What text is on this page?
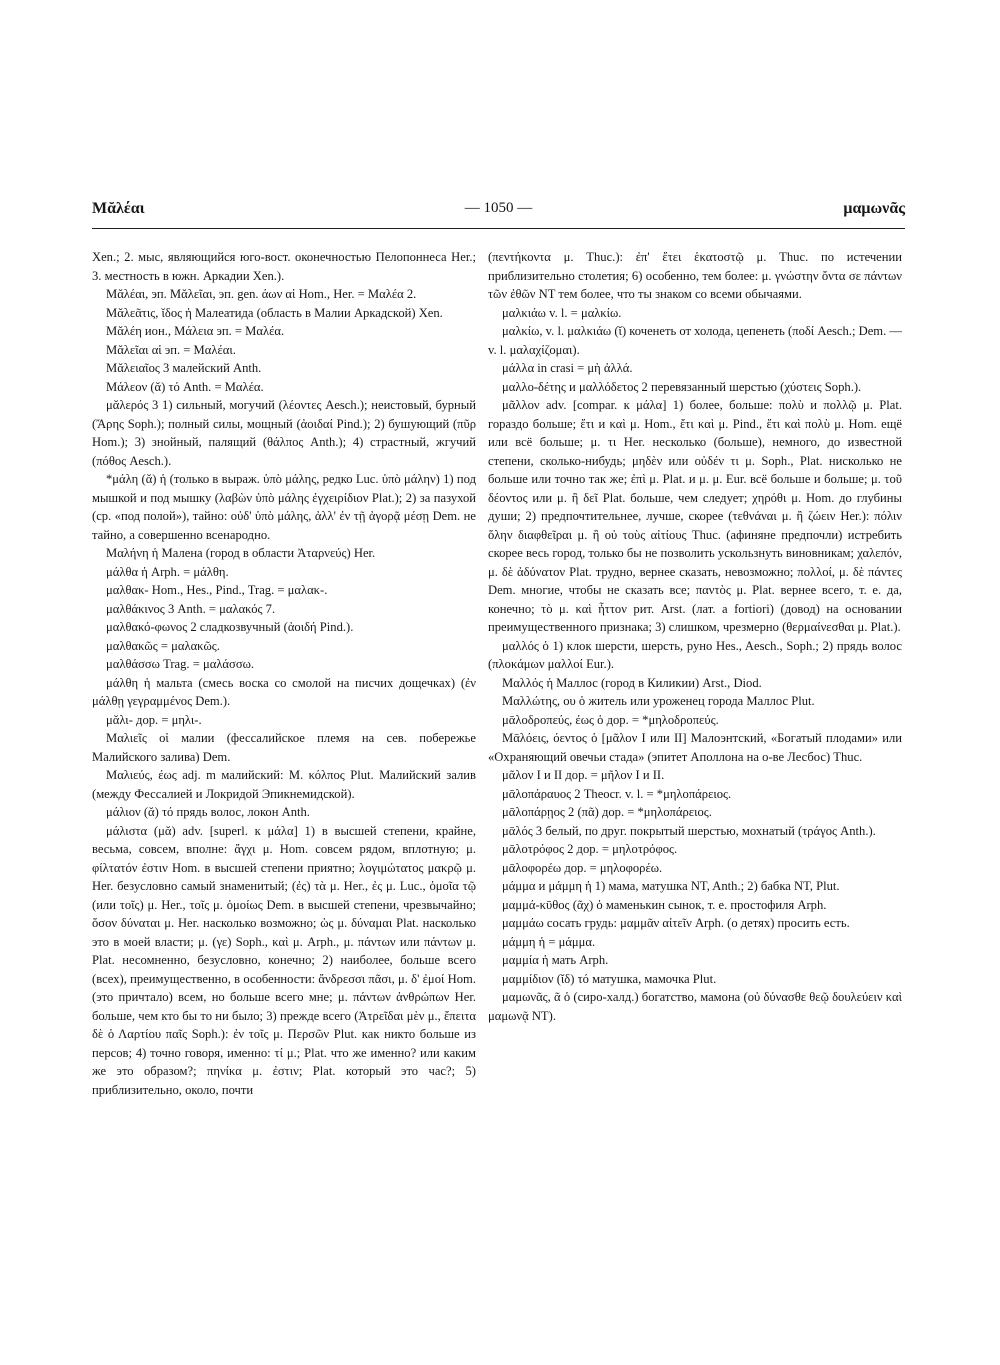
Μᾰλέαι	— 1050 —	μαμωνᾶς

Xen.; 2. мыс, являющийся юго-вост. оконечностью Пелопоннеса Her.; 3. местность в южн. Аркадии Xen.).

Μᾰλέαι, эп. Μᾰλεῖαι, эп. gen. άων αἱ Hom., Her. = Μαλέα 2.

Μᾰλεᾶτις, ῐδος ἡ Малеатида (область в Малии Аркадской) Xen.

Μᾰλέη ион., Μάλεια эп. = Μαλέα.

Μᾰλεῖαι αἱ эп. = Μαλέαι.

Μᾰλειαῖος 3 малейский Anth.

Μάλεον (ᾰ) τό Anth. = Μαλέα.

μᾰλερός 3 1) сильный, могучий (λέοντες Aesch.); неистовый, бурный (Ἄρης Soph.); полный силы, мощный (ἀοιδαί Pind.); 2) бушующий (πῦρ Hom.); 3) знойный, палящий (θάλπος Anth.); 4) страстный, жгучий (πόθος Aesch.).

*μάλη (ᾰ) ἡ (только в выраж. ὑπὸ μάλης, редко Luc. ὑπὸ μάλην) 1) под мышкой и под мышку (λαβὼν ὑπὸ μάλης ἐγχειρίδιον Plat.); 2) за пазухой (ср. «под полой»), тайно: οὐδ' ὑπὸ μάλης, ἀλλ' ἐν τῇ ἀγορᾷ μέσῃ Dem. не тайно, а совершенно всенародно.

Μαλήνη ἡ Малена (город в области Ἀταρνεύς) Her.

μάλθα ἡ Arph. = μάλθη.

μαλθακ- Hom., Hes., Pind., Trag. = μαλακ-.

μαλθάκινος 3 Anth. = μαλακός 7.

μαλθακό-φωνος 2 сладкозвучный (ἀοιδή Pind.).

μαλθακῶς = μαλακῶς.

μαλθάσσω Trag. = μαλάσσω.

μάλθη ἡ мальта (смесь воска со смолой на писчих дощечках) (ἐν μάλθῃ γεγραμμένος Dem.).

μᾰλι- дор. = μηλι-.

Μαλιεῖς οἱ малии (фессалийское племя на сев. побережье Малийского залива) Dem.

Μαλιεύς, έως adj. m малийский: Μ. κόλπος Plut. Малийский залив (между Фессалией и Локридой Эпикнемидской).

μάλιον (ᾰ) τό прядь волос, локон Anth.

μάλιστα (μᾰ) adv. [superl. к μάλα] 1) в высшей степени, крайне, весьма, совсем, вполне: ἄγχι μ. Hom. совсем рядом, вплотную; μ. φίλτατόν ἐστιν Hom. в высшей степени приятно; λογιμώτατος μακρῷ μ. Her. безусловно самый знаменитый; (ἐς) τὰ μ. Her., ἐς μ. Luc., ὁμοῖα τῷ (или τοῖς) μ. Her., τοῖς μ. ὁμοίως Dem. в высшей степени, чрезвычайно; ὅσον δύναται μ. Her. насколько возможно; ὡς μ. δύναμαι Plat. насколько это в моей власти; μ. (γε) Soph., καὶ μ. Arph., μ. πάντων или πάντων μ. Plat. несомненно, безусловно, конечно; 2) наиболее, больше всего (всех), преимущественно, в особенности: ἄνδρεσσι πᾶσι, μ. δ' ἐμοί Hom. (это причтало) всем, но больше всего мне; μ. πάντων ἀνθρώπων Her. больше, чем кто бы то ни было; 3) прежде всего (Ἀτρεῖδαι μὲν μ., ἔπειτα δὲ ὁ Λαρτίου παῖς Soph.): ἐν τοῖς μ. Περσῶν Plut. как никто больше из персов; 4) точно говоря, именно: τί μ.; Plat. что же именно? или каким же это образом?; πηνίκα μ. ἐστιν; Plat. который это час?; 5) приблизительно, около, почти

(πεντήκοντα μ. Thuc.): ἐπ' ἔτει ἑκατοστῷ μ. Thuc. по истечении приблизительно столетия; 6) особенно, тем более: μ. γνώστην ὄντα σε πάντων τῶν ἐθῶν NT тем более, что ты знаком со всеми обычаями.

μαλκιάω v. l. = μαλκίω.

μαλκίω, v. l. μαλκιάω (ῐ) коченеть от холода, цепенеть (ποδί Aesch.; Dem. — v. l. μαλαχίζομαι).

μάλλα in crasi = μὴ ἀλλά.

μαλλο-δέτης и μαλλόδετος 2 перевязанный шерстью (χύστεις Soph.).

μᾶλλον adv. [compar. к μάλα] 1) более, больше: πολὺ и πολλῷ μ. Plat. гораздо больше; ἔτι и καὶ μ. Hom., ἔτι καὶ μ. Pind., ἔτι καὶ πολὺ μ. Hom. ещё или всё больше; μ. τι Her. несколько (больше), немного, до известной степени, сколько-нибудь; μηδὲν или οὐδέν τι μ. Soph., Plat. нисколько не больше или точно так же; ἐπὶ μ. Plat. и μ. μ. Eur. всё больше и больше; μ. τοῦ δέοντος или μ. ἢ δεῖ Plat. больше, чем следует; χηρόθι μ. Hom. до глубины души; 2) предпочтительнее, лучше, скорее (τεθνάναι μ. ἢ ζώειν Her.): πόλιν ὅλην διαφθεῖραι μ. ἢ οὐ τοὺς αἰτίους Thuc. (афиняне предпочли) истребить скорее весь город, только бы не позволить ускользнуть виновникам; χαλεπόν, μ. δὲ ἀδύνατον Plat. трудно, вернее сказать, невозможно; πολλοί, μ. δὲ πάντες Dem. многие, чтобы не сказать все; παντὸς μ. Plat. вернее всего, т. е. да, конечно; τὸ μ. καὶ ἧττον рит. Arst. (лат. a fortiori) (довод) на основании преимущественного признака; 3) слишком, чрезмерно (θερμαίνεσθαι μ. Plat.).

μαλλός ὁ 1) клок шерсти, шерсть, руно Hes., Aesch., Soph.; 2) прядь волос (πλοκάμων μαλλοί Eur.).

Μαλλός ἡ Маллос (город в Киликии) Arst., Diod.

Μαλλώτης, ου ὁ житель или уроженец города Маллос Plut.

μᾱλοδροπεύς, έως ὁ дор. = *μηλοδροπεύς.

Μᾱλόεις, όεντος ὁ [μᾶλον I или II] Малоэнтский, «Богатый плодами» или «Охраняющий овечьи стада» (эпитет Аполлона на о-ве Лесбос) Thuc.

μᾶλον I и II дор. = μῆλον I и II.

μᾱλοπάραυος 2 Theocr. v. l. = *μηλοπάρειος.

μᾱλοπάρῃος 2 (πᾶ) дор. = *μηλοπάρειος.

μᾱλός 3 белый, по друг. покрытый шерстью, мохнатый (τράγος Anth.).

μᾱλοτρόφος 2 дор. = μηλοτρόφος.

μᾱλοφορέω дор. = μηλοφορέω.

μάμμα и μάμμη ἡ 1) мама, матушка NT, Anth.; 2) бабка NT, Plut.

μαμμά-κῡθος (ᾶχ) ὁ маменькин сынок, т. е. простофиля Arph.

μαμμάω сосать грудь: μαμμᾶν αἰτεῖν Arph. (о детях) просить есть.

μάμμη ἡ = μάμμα.

μαμμία ἡ мать Arph.

μαμμίδιον (ῐδ) τό матушка, мамочка Plut.

μαμωνᾶς, ᾶ ὁ (сиро-халд.) богатство, мамона (οὐ δύνασθε θεῷ δουλεύειν καὶ μαμωνᾷ NT).
